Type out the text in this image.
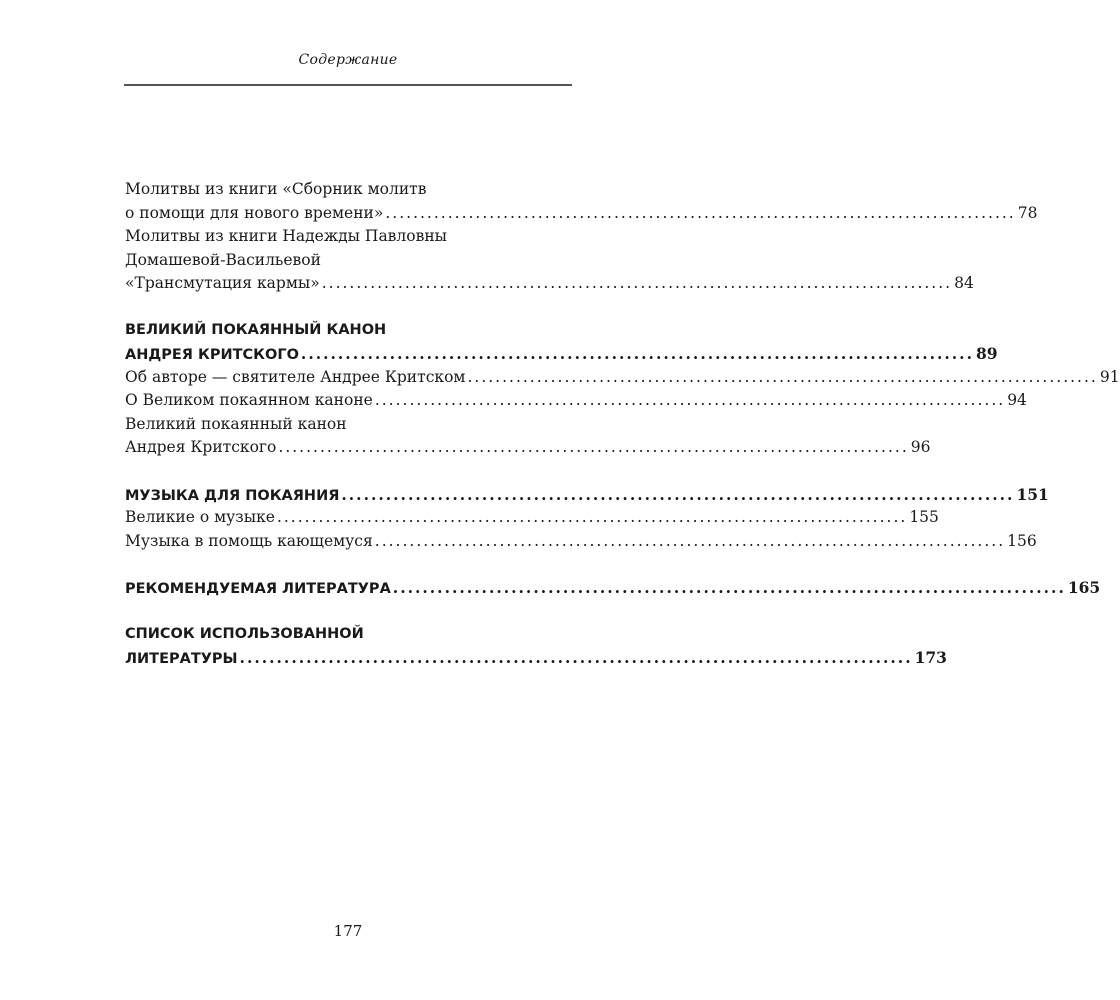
Содержание
Молитвы из книги «Сборник молитв
о помощи для нового времени» ........................................................................................... 78
Молитвы из книги Надежды Павловны
Домашевой-Васильевой
«Трансмутация кармы» ........................................................................................... 84
ВЕЛИКИЙ ПОКАЯННЫЙ КАНОН
АНДРЕЯ КРИТСКОГО ........................................................................................... 89
Об авторе — святителе Андрее Критском ........................................................................................... 91
О Великом покаянном каноне ........................................................................................... 94
Великий покаянный канон
Андрея Критского ........................................................................................... 96
МУЗЫКА ДЛЯ ПОКАЯНИЯ ........................................................................................... 151
Великие о музыке ........................................................................................... 155
Музыка в помощь кающемуся ........................................................................................... 156
РЕКОМЕНДУЕМАЯ ЛИТЕРАТУРА ........................................................................................... 165
СПИСОК ИСПОЛЬЗОВАННОЙ
ЛИТЕРАТУРЫ ........................................................................................... 173
177
